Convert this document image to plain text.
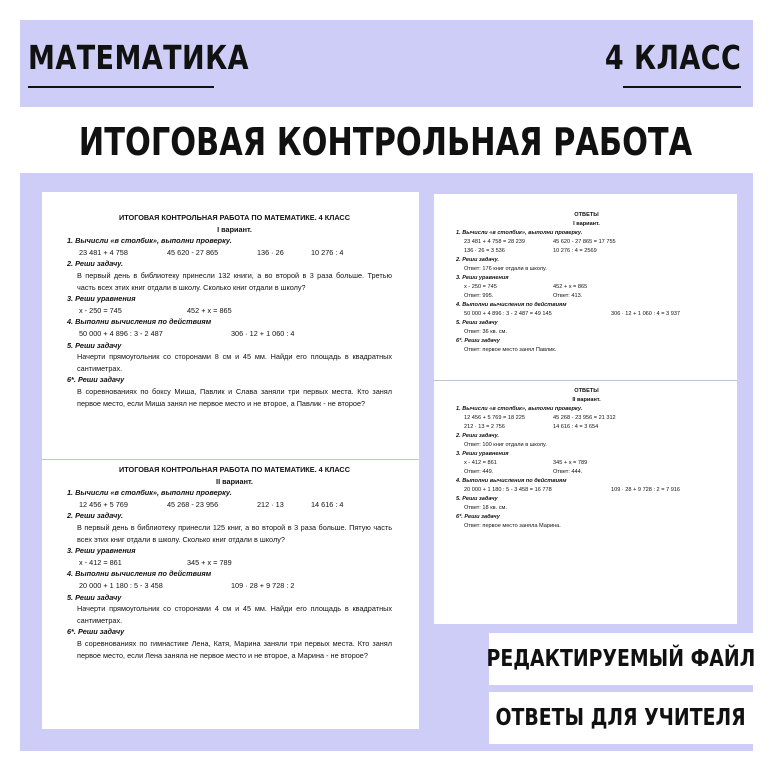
МАТЕМАТИКА	4 КЛАСС
ИТОГОВАЯ КОНТРОЛЬНАЯ РАБОТА
ИТОГОВАЯ КОНТРОЛЬНАЯ РАБОТА ПО МАТЕМАТИКЕ. 4 КЛАСС
I вариант.
1. Вычисли «в столбик», выполни проверку.
23 481 + 4 758	45 620 - 27 865	136 · 26	10 276 : 4
2. Реши задачу.
В первый день в библиотеку принесли 132 книги, а во второй в 3 раза больше. Третью часть всех этих книг отдали в школу. Сколько книг отдали в школу?
3. Реши уравнения
х - 250 = 745	452 + х = 865
4. Выполни вычисления по действиям
50 000 + 4 896 : 3 - 2 487	306 · 12 + 1 060 : 4
5. Реши задачу
Начерти прямоугольник со сторонами 8 см и 45 мм. Найди его площадь в квадратных сантиметрах.
6*. Реши задачу
В соревнованиях по боксу Миша, Павлик и Слава заняли три первых места. Кто занял первое место, если Миша занял не первое место и не второе, а Павлик - не второе?
ИТОГОВАЯ КОНТРОЛЬНАЯ РАБОТА ПО МАТЕМАТИКЕ. 4 КЛАСС
II вариант.
1. Вычисли «в столбик», выполни проверку.
12 456 + 5 769	45 268 - 23 956	212 · 13	14 616 : 4
2. Реши задачу.
В первый день в библиотеку принесли 125 книг, а во второй в 3 раза больше. Пятую часть всех этих книг отдали в школу. Сколько книг отдали в школу?
3. Реши уравнения
х - 412 = 861	345 + х = 789
4. Выполни вычисления по действиям
20 000 + 1 180 : 5 - 3 458	109 · 28 + 9 728 : 2
5. Реши задачу
Начерти прямоугольник со сторонами 4 см и 45 мм. Найди его площадь в квадратных сантиметрах.
6*. Реши задачу
В соревнованиях по гимнастике Лена, Катя, Марина заняли три первых места. Кто занял первое место, если Лена заняла не первое место и не второе, а Марина - не второе?
ОТВЕТЫ
I вариант.
1. Вычисли «в столбик», выполни проверку.
23 481 + 4 758 = 28 239	45 620 - 27 865 = 17 755
136 · 26 = 3 536	10 276 : 4 = 2569
2. Реши задачу.
Ответ: 176 книг отдали в школу.
3. Реши уравнения
х - 250 = 745	452 + х = 865
Ответ: 995.	Ответ: 413.
4. Выполни вычисления по действиям
50 000 + 4 896 : 3 - 2 487 = 49 145	306 · 12 + 1 060 : 4 = 3 937
5. Реши задачу
Ответ: 36 кв. см.
6*. Реши задачу
Ответ: первое место занял Павлик.
ОТВЕТЫ
II вариант.
1. Вычисли «в столбик», выполни проверку.
12 456 + 5 769 = 18 225	45 268 - 23 956 = 21 312
212 · 13 = 2 756	14 616 : 4 = 3 654
2. Реши задачу.
Ответ: 100 книг отдали в школу.
3. Реши уравнения
х - 412 = 861	345 + х = 789
Ответ: 449.	Ответ: 444.
4. Выполни вычисления по действиям
20 000 + 1 180 : 5 - 3 458 = 16 778	109 · 28 + 9 728 : 2 = 7 916
5. Реши задачу
Ответ: 18 кв. см.
6*. Реши задачу
Ответ: первое место заняла Марина.
РЕДАКТИРУЕМЫЙ ФАЙЛ
ОТВЕТЫ ДЛЯ УЧИТЕЛЯ
